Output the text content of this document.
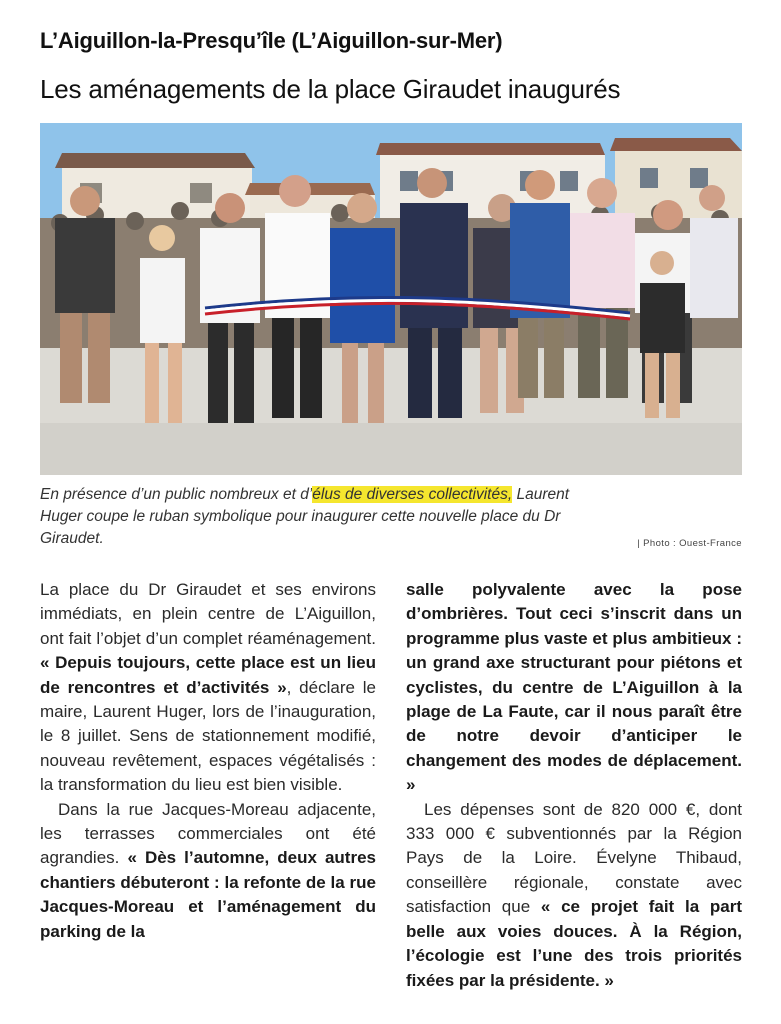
L’Aiguillon-la-Presqu’île (L’Aiguillon-sur-Mer)
Les aménagements de la place Giraudet inaugurés
En présence d’un public nombreux et d’élus de diverses collectivités, Laurent Huger coupe le ruban symbolique pour inaugurer cette nouvelle place du Dr Giraudet.	| Photo : Ouest-France

La place du Dr Giraudet et ses environs immédiats, en plein centre de L’Aiguillon, ont fait l’objet d’un complet réaménagement. « Depuis toujours, cette place est un lieu de rencontres et d’activités », déclare le maire, Laurent Huger, lors de l’inauguration, le 8 juillet. Sens de stationnement modifié, nouveau revêtement, espaces végétalisés : la transformation du lieu est bien visible.

Dans la rue Jacques-Moreau adjacente, les terrasses commerciales ont été agrandies. « Dès l’automne, deux autres chantiers débuteront : la refonte de la rue Jacques-Moreau et l’aménagement du parking de la

salle polyvalente avec la pose d’ombrières. Tout ceci s’inscrit dans un programme plus vaste et plus ambitieux : un grand axe structurant pour piétons et cyclistes, du centre de L’Aiguillon à la plage de La Faute, car il nous paraît être de notre devoir d’anticiper le changement des modes de déplacement. »

Les dépenses sont de 820 000 €, dont 333 000 € subventionnés par la Région Pays de la Loire. Évelyne Thibaud, conseillère régionale, constate avec satisfaction que « ce projet fait la part belle aux voies douces. À la Région, l’écologie est l’une des trois priorités fixées par la présidente. »
